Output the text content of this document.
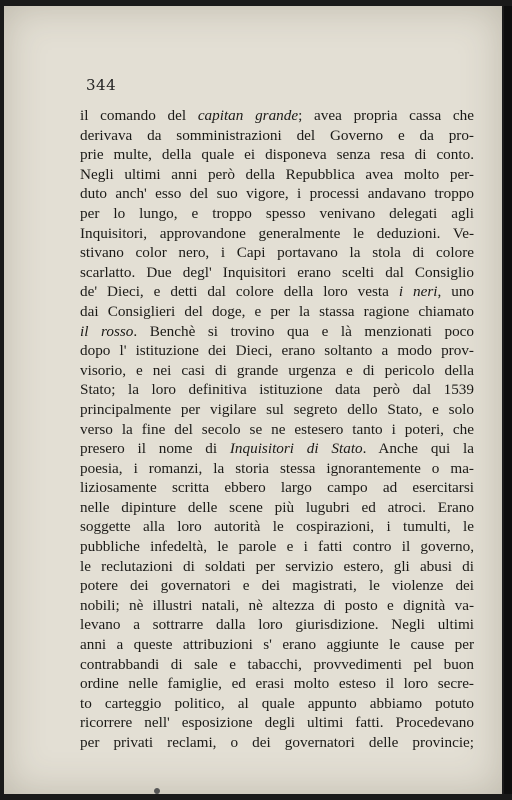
344
il comando del capitan grande; avea propria cassa che
derivava da somministrazioni del Governo e da pro-
prie multe, della quale ei disponeva senza resa di conto.
Negli ultimi anni però della Repubblica avea molto per-
duto anch' esso del suo vigore, i processi andavano troppo
per lo lungo, e troppo spesso venivano delegati agli
Inquisitori, approvandone generalmente le deduzioni. Ve-
stivano color nero, i Capi portavano la stola di colore
scarlatto. Due degl' Inquisitori erano scelti dal Consiglio
de' Dieci, e detti dal colore della loro vesta i neri, uno
dai Consiglieri del doge, e per la stassa ragione chiamato
il rosso. Benchè si trovino qua e là menzionati poco
dopo l' istituzione dei Dieci, erano soltanto a modo prov-
visorio, e nei casi di grande urgenza e di pericolo della
Stato; la loro definitiva istituzione data però dal 1539
principalmente per vigilare sul segreto dello Stato, e solo
verso la fine del secolo se ne estesero tanto i poteri, che
presero il nome di Inquisitori di Stato. Anche qui la
poesia, i romanzi, la storia stessa ignorantemente o ma-
liziosamente scritta ebbero largo campo ad esercitarsi
nelle dipinture delle scene più lugubri ed atroci. Erano
soggette alla loro autorità le cospirazioni, i tumulti, le
pubbliche infedeltà, le parole e i fatti contro il governo,
le reclutazioni di soldati per servizio estero, gli abusi di
potere dei governatori e dei magistrati, le violenze dei
nobili; nè illustri natali, nè altezza di posto e dignità va-
levano a sottrarre dalla loro giurisdizione. Negli ultimi
anni a queste attribuzioni s' erano aggiunte le cause per
contrabbandi di sale e tabacchi, provvedimenti pel buon
ordine nelle famiglie, ed erasi molto esteso il loro secre-
to carteggio politico, al quale appunto abbiamo potuto
ricorrere nell' esposizione degli ultimi fatti. Procedevano
per privati reclami, o dei governatori delle provincie;
